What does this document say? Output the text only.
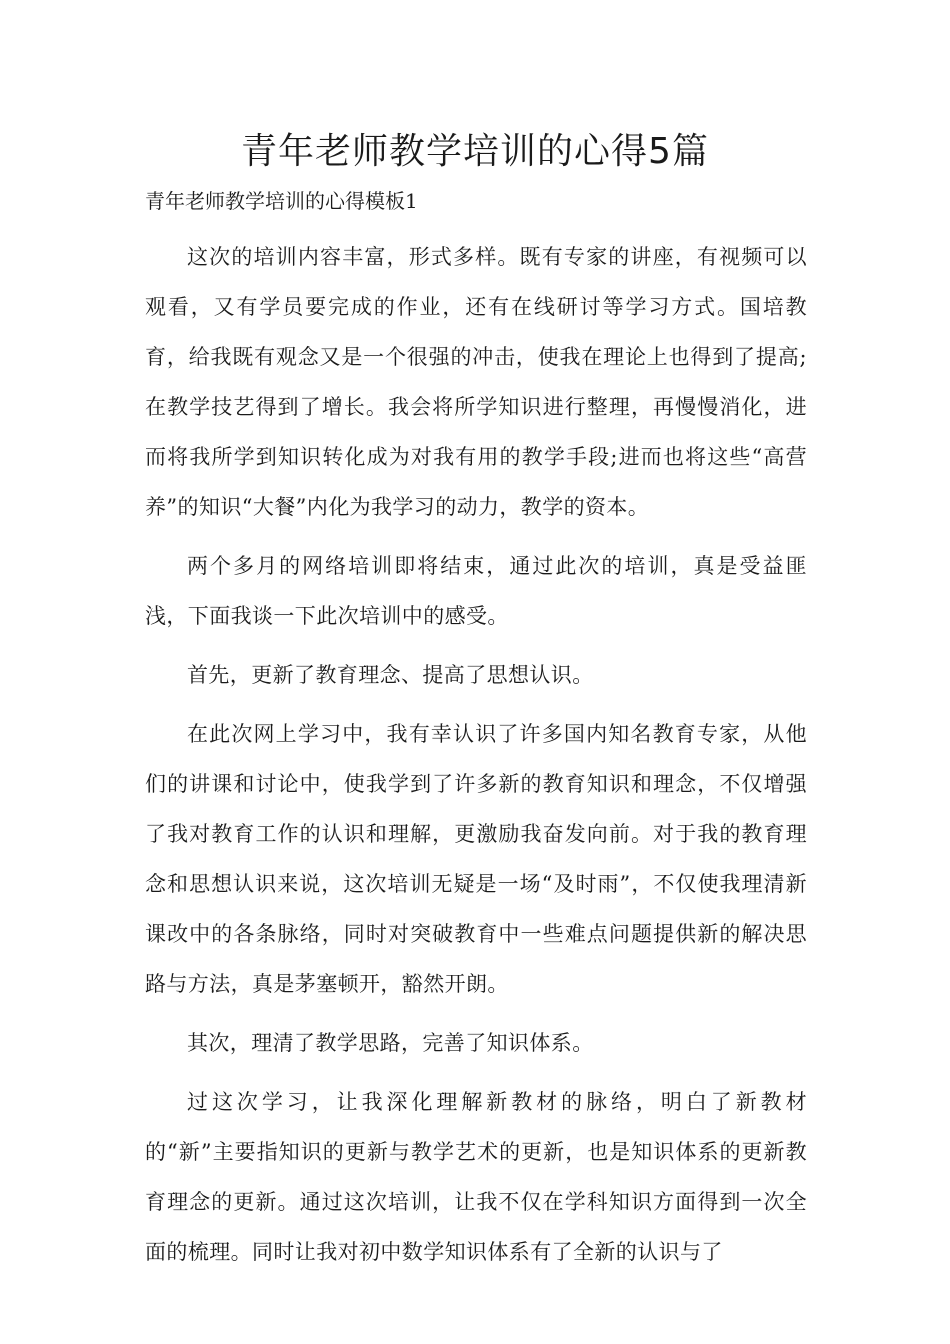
青年老师教学培训的心得5篇

青年老师教学培训的心得模板1

这次的培训内容丰富，形式多样。既有专家的讲座，有视频可以观看，又有学员要完成的作业，还有在线研讨等学习方式。国培教育，给我既有观念又是一个很强的冲击，使我在理论上也得到了提高;在教学技艺得到了增长。我会将所学知识进行整理，再慢慢消化，进而将我所学到知识转化成为对我有用的教学手段;进而也将这些“高营养”的知识“大餐”内化为我学习的动力，教学的资本。

两个多月的网络培训即将结束，通过此次的培训，真是受益匪浅，下面我谈一下此次培训中的感受。

首先，更新了教育理念、提高了思想认识。

在此次网上学习中，我有幸认识了许多国内知名教育专家，从他们的讲课和讨论中，使我学到了许多新的教育知识和理念，不仅增强了我对教育工作的认识和理解，更激励我奋发向前。对于我的教育理念和思想认识来说，这次培训无疑是一场“及时雨”，不仅使我理清新课改中的各条脉络，同时对突破教育中一些难点问题提供新的解决思路与方法，真是茅塞顿开，豁然开朗。

其次，理清了教学思路，完善了知识体系。

过这次学习，让我深化理解新教材的脉络，明白了新教材的“新”主要指知识的更新与教学艺术的更新，也是知识体系的更新教育理念的更新。通过这次培训，让我不仅在学科知识方面得到一次全面的梳理。同时让我对初中数学知识体系有了全新的认识与了
